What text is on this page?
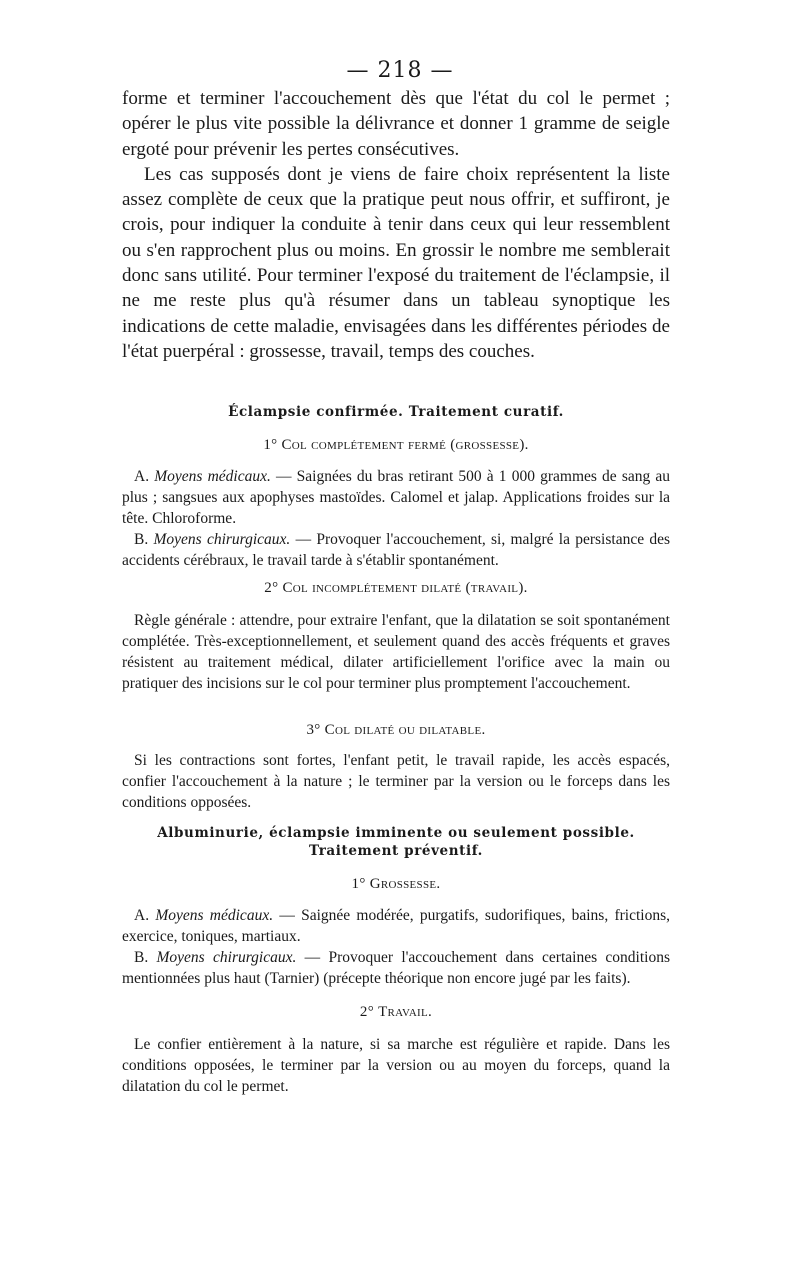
— 218 —

forme et terminer l'accouchement dès que l'état du col le permet ; opérer le plus vite possible la délivrance et donner 1 gramme de seigle ergoté pour prévenir les pertes consécutives.

Les cas supposés dont je viens de faire choix représentent la liste assez complète de ceux que la pratique peut nous offrir, et suffiront, je crois, pour indiquer la conduite à tenir dans ceux qui leur ressemblent ou s'en rapprochent plus ou moins. En grossir le nombre me semblerait donc sans utilité. Pour terminer l'exposé du traitement de l'éclampsie, il ne me reste plus qu'à résumer dans un tableau synoptique les indications de cette maladie, envisagées dans les différentes périodes de l'état puerpéral : grossesse, travail, temps des couches.

Éclampsie confirmée. Traitement curatif.
1° Col complétement fermé (grossesse).

A. Moyens médicaux. — Saignées du bras retirant 500 à 1 000 grammes de sang au plus ; sangsues aux apophyses mastoïdes. Calomel et jalap. Applications froides sur la tête. Chloroforme.

B. Moyens chirurgicaux. — Provoquer l'accouchement, si, malgré la persistance des accidents cérébraux, le travail tarde à s'établir spontanément.

2° Col incomplétement dilaté (travail).

Règle générale : attendre, pour extraire l'enfant, que la dilatation se soit spontanément complétée. Très-exceptionnellement, et seulement quand des accès fréquents et graves résistent au traitement médical, dilater artificiellement l'orifice avec la main ou pratiquer des incisions sur le col pour terminer plus promptement l'accouchement.

3° Col dilaté ou dilatable.

Si les contractions sont fortes, l'enfant petit, le travail rapide, les accès espacés, confier l'accouchement à la nature ; le terminer par la version ou le forceps dans les conditions opposées.

Albuminurie, éclampsie imminente ou seulement possible.
Traitement préventif.
1° Grossesse.

A. Moyens médicaux. — Saignée modérée, purgatifs, sudorifiques, bains, frictions, exercice, toniques, martiaux.

B. Moyens chirurgicaux. — Provoquer l'accouchement dans certaines conditions mentionnées plus haut (Tarnier) (précepte théorique non encore jugé par les faits).

2° Travail.

Le confier entièrement à la nature, si sa marche est régulière et rapide. Dans les conditions opposées, le terminer par la version ou au moyen du forceps, quand la dilatation du col le permet.
